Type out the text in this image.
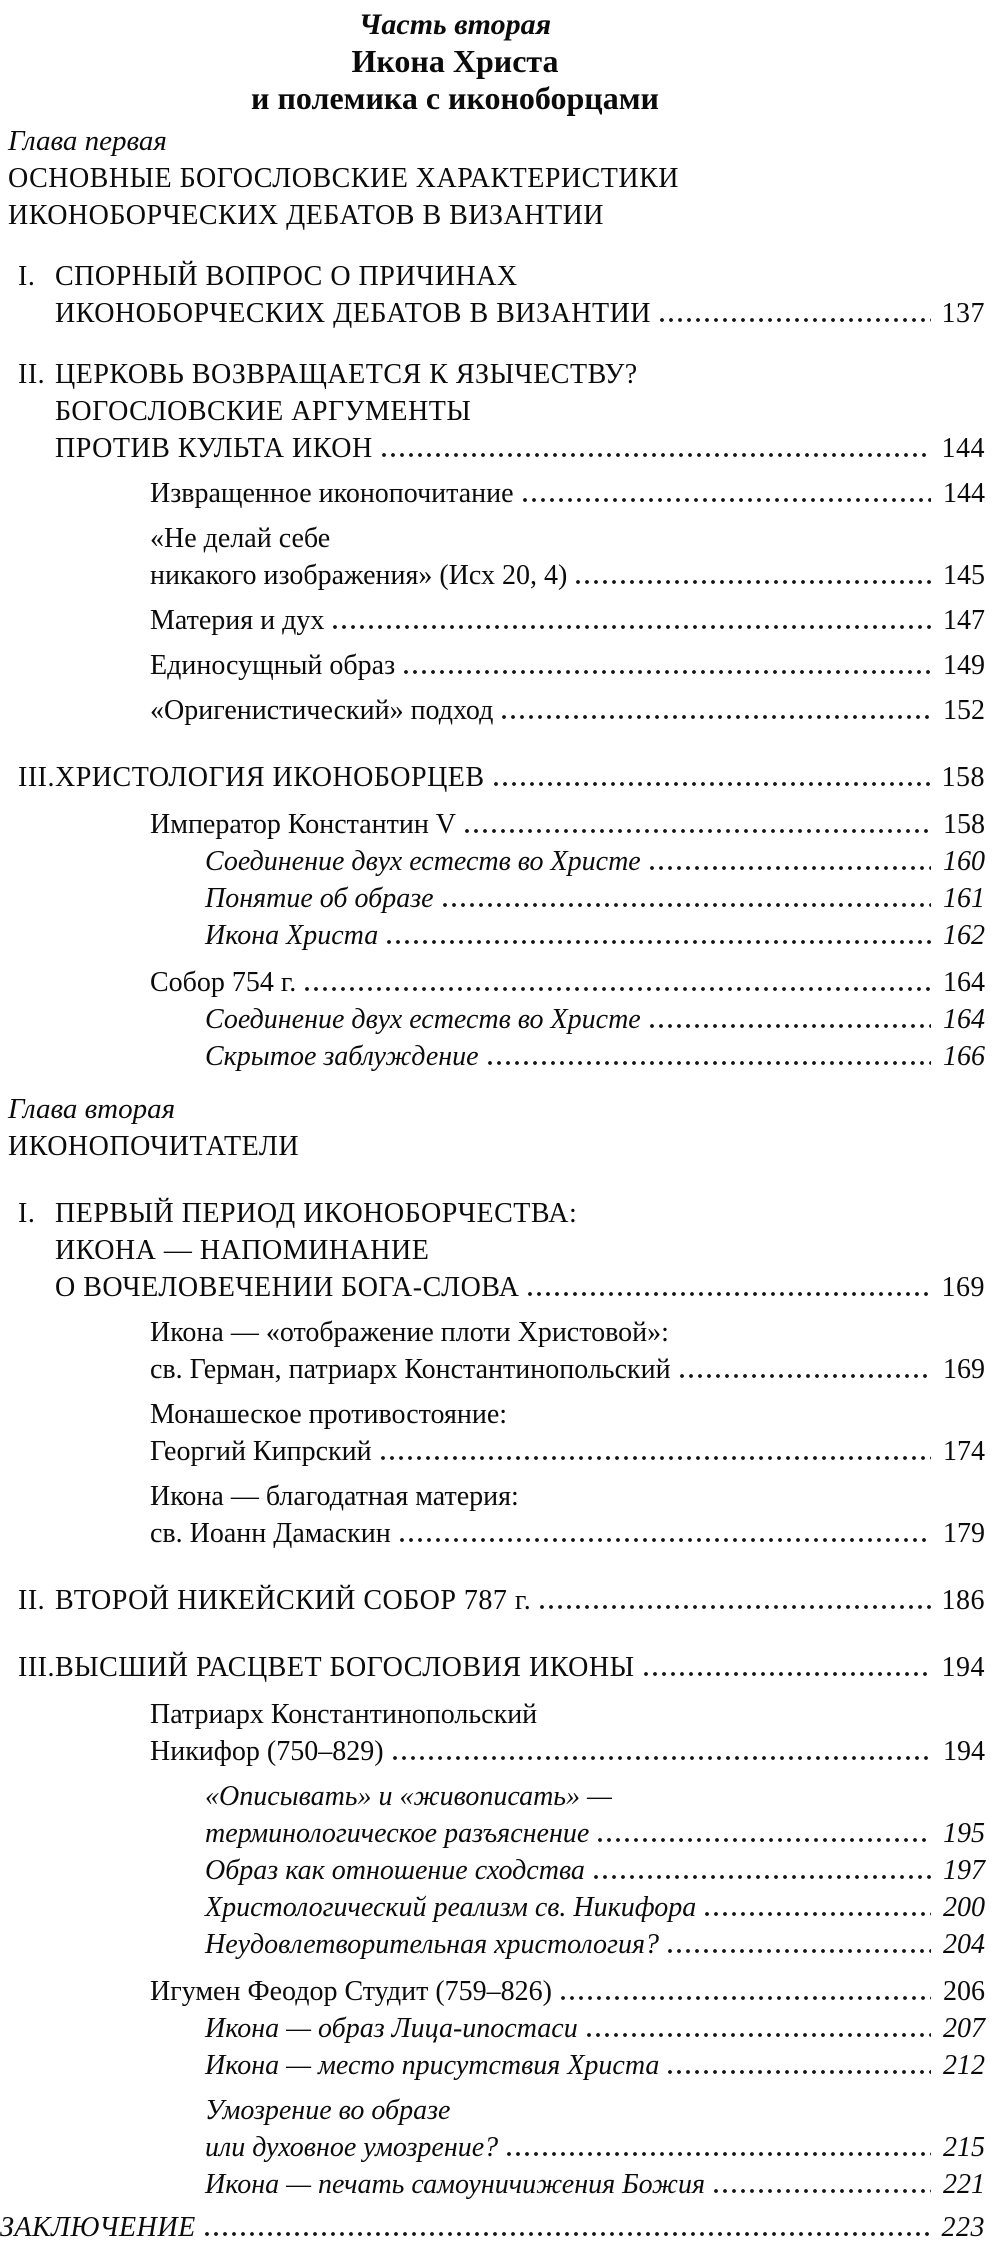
Часть вторая
Икона Христа
и полемика с иконоборцами
Глава первая
ОСНОВНЫЕ БОГОСЛОВСКИЕ ХАРАКТЕРИСТИКИ
ИКОНОБОРЧЕСКИХ ДЕБАТОВ В ВИЗАНТИИ
I. СПОРНЫЙ ВОПРОС О ПРИЧИНАХ
ИКОНОБОРЧЕСКИХ ДЕБАТОВ В ВИЗАНТИИ	137
II. ЦЕРКОВЬ ВОЗВРАЩАЕТСЯ К ЯЗЫЧЕСТВУ?
БОГОСЛОВСКИЕ АРГУМЕНТЫ
ПРОТИВ КУЛЬТА ИКОН	144
Извращенное иконопочитание	144
«Не делай себе
никакого изображения» (Исх 20, 4)	145
Материя и дух	147
Единосущный образ	149
«Оригенистический» подход	152
III. ХРИСТОЛОГИЯ ИКОНОБОРЦЕВ	158
Император Константин V	158
Соединение двух естеств во Христе	160
Понятие об образе	161
Икона Христа	162
Собор 754 г.	164
Соединение двух естеств во Христе	164
Скрытое заблуждение	166
Глава вторая
ИКОНОПОЧИТАТЕЛИ
I. ПЕРВЫЙ ПЕРИОД ИКОНОБОРЧЕСТВА:
ИКОНА — НАПОМИНАНИЕ
О ВОЧЕЛОВЕЧЕНИИ БОГА-СЛОВА	169
Икона — «отображение плоти Христовой»:
св. Герман, патриарх Константинопольский	169
Монашеское противостояние:
Георгий Кипрский	174
Икона — благодатная материя:
св. Иоанн Дамаскин	179
II. ВТОРОЙ НИКЕЙСКИЙ СОБОР 787 г.	186
III. ВЫСШИЙ РАСЦВЕТ БОГОСЛОВИЯ ИКОНЫ	194
Патриарх Константинопольский
Никифор (750–829)	194
«Описывать» и «живописать» —
терминологическое разъяснение	195
Образ как отношение сходства	197
Христологический реализм св. Никифора	200
Неудовлетворительная христология?	204
Игумен Феодор Студит (759–826)	206
Икона — образ Лица-ипостаси	207
Икона — место присутствия Христа	212
Умозрение во образе
или духовное умозрение?	215
Икона — печать самоуничижения Божия	221
ЗАКЛЮЧЕНИЕ	223
